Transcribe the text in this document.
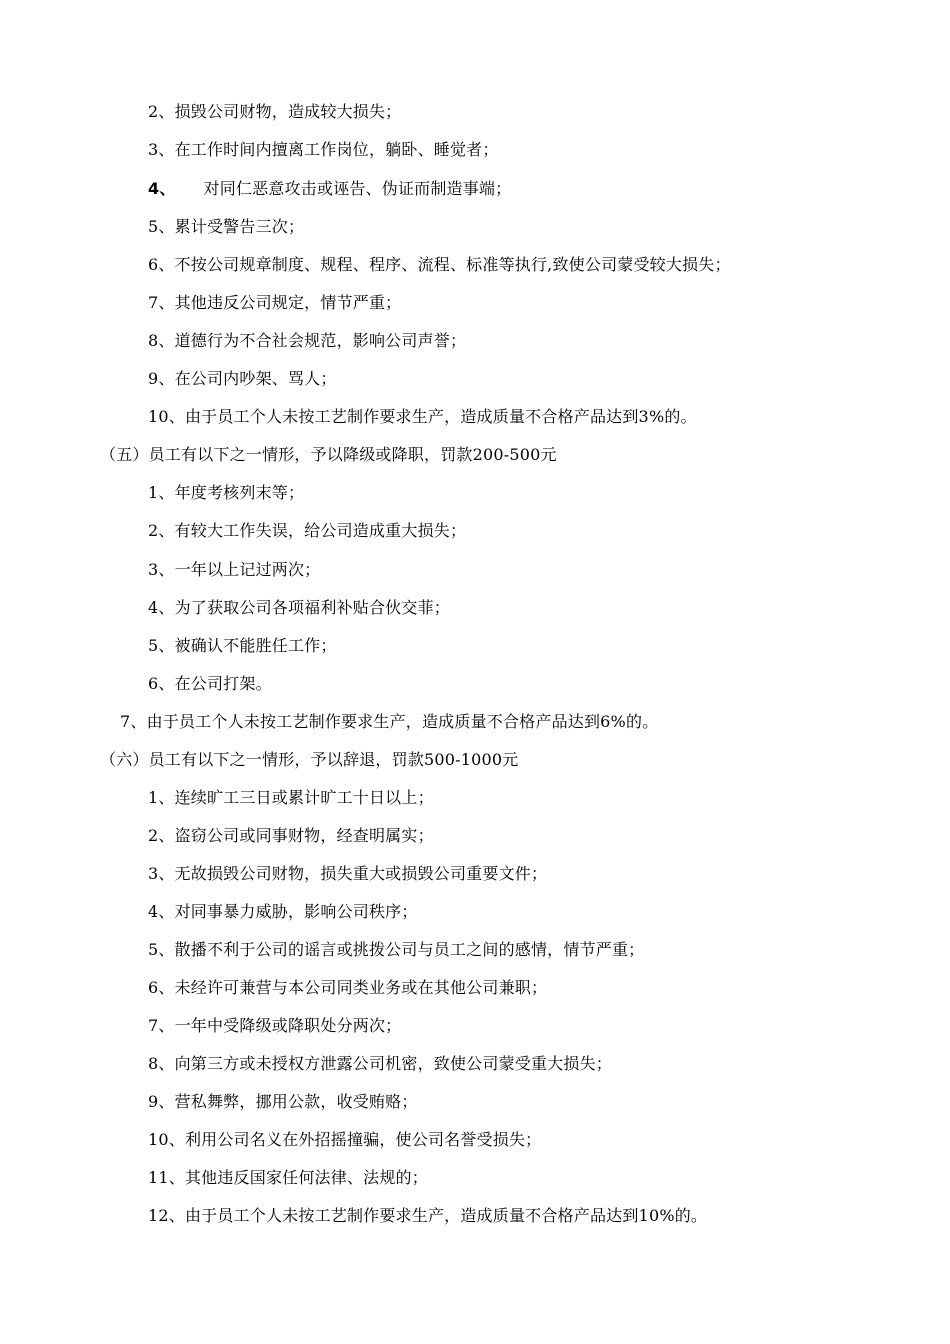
2、损毁公司财物，造成较大损失；
3、在工作时间内擅离工作岗位，躺卧、睡觉者；
4、 对同仁恶意攻击或诬告、伪证而制造事端；
5、累计受警告三次；
6、不按公司规章制度、规程、程序、流程、标准等执行,致使公司蒙受较大损失；
7、其他违反公司规定，情节严重；
8、道德行为不合社会规范，影响公司声誉；
9、在公司内吵架、骂人；
10、由于员工个人未按工艺制作要求生产，造成质量不合格产品达到3%的。
（五）员工有以下之一情形，予以降级或降职，罚款200-500元
1、年度考核列末等；
2、有较大工作失误，给公司造成重大损失；
3、一年以上记过两次；
4、为了获取公司各项福利补贴合伙交菲；
5、被确认不能胜任工作；
6、在公司打架。
7、由于员工个人未按工艺制作要求生产，造成质量不合格产品达到6%的。
（六）员工有以下之一情形，予以辞退，罚款500-1000元
1、连续旷工三日或累计旷工十日以上；
2、盗窃公司或同事财物，经查明属实；
3、无故损毁公司财物，损失重大或损毁公司重要文件；
4、对同事暴力威胁，影响公司秩序；
5、散播不利于公司的谣言或挑拨公司与员工之间的感情，情节严重；
6、未经许可兼营与本公司同类业务或在其他公司兼职；
7、一年中受降级或降职处分两次；
8、向第三方或未授权方泄露公司机密，致使公司蒙受重大损失；
9、营私舞弊，挪用公款，收受贿赂；
10、利用公司名义在外招摇撞骗，使公司名誉受损失；
11、其他违反国家任何法律、法规的；
12、由于员工个人未按工艺制作要求生产，造成质量不合格产品达到10%的。
